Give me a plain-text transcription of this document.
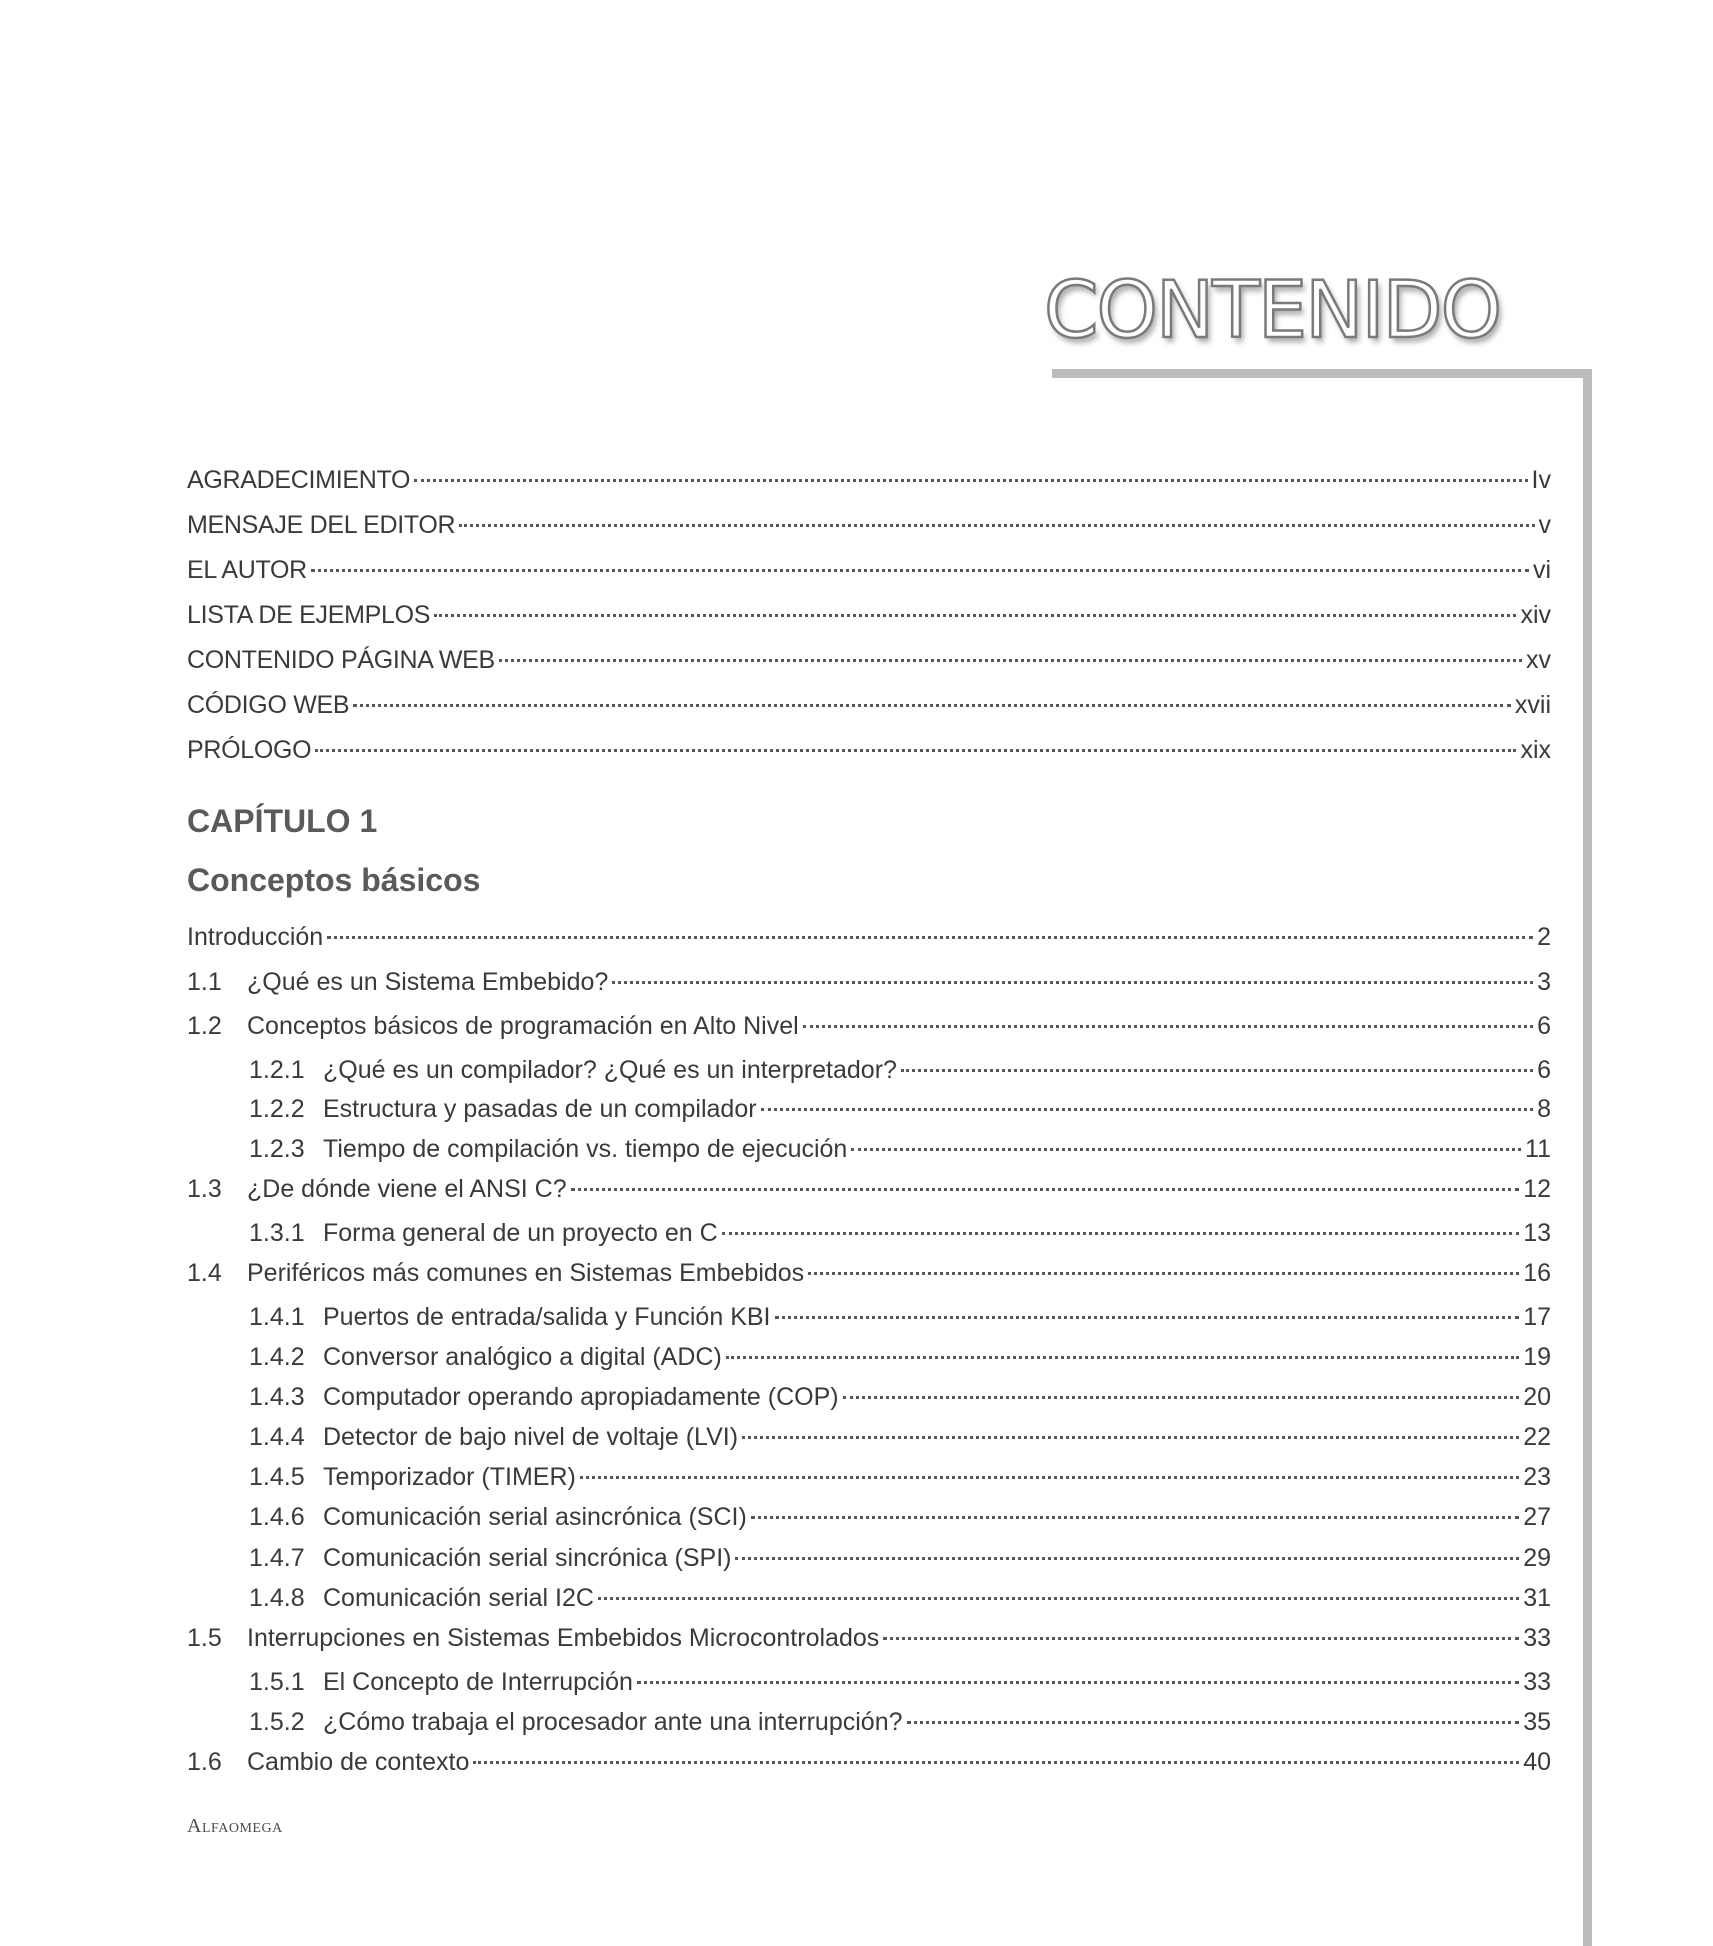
CONTENIDO
CAPÍTULO 1
Conceptos básicos
Alfaomega
AGRADECIMIENTO	Iv
MENSAJE DEL EDITOR	v
EL AUTOR	vi
LISTA DE EJEMPLOS	xiv
CONTENIDO PÁGINA WEB	xv
CÓDIGO WEB	xvii
PRÓLOGO	xix
Introducción	2
1.1	¿Qué es un Sistema Embebido?	3
1.2	Conceptos básicos de programación en Alto Nivel	6
1.2.1 ¿Qué es un compilador? ¿Qué es un interpretador?	6
1.2.2 Estructura y pasadas de un compilador	8
1.2.3 Tiempo de compilación vs. tiempo de ejecución	11
1.3	¿De dónde viene el ANSI C?	12
1.3.1 Forma general de un proyecto en C	13
1.4	Periféricos más comunes en Sistemas Embebidos	16
1.4.1 Puertos de entrada/salida y Función KBI	17
1.4.2 Conversor analógico a digital (ADC)	19
1.4.3 Computador operando apropiadamente (COP)	20
1.4.4 Detector de bajo nivel de voltaje (LVI)	22
1.4.5 Temporizador (TIMER)	23
1.4.6 Comunicación serial asincrónica (SCI)	27
1.4.7 Comunicación serial sincrónica (SPI)	29
1.4.8 Comunicación serial I2C	31
1.5	Interrupciones en Sistemas Embebidos Microcontrolados	33
1.5.1 El Concepto de Interrupción	33
1.5.2 ¿Cómo trabaja el procesador ante una interrupción?	35
1.6	Cambio de contexto	40
